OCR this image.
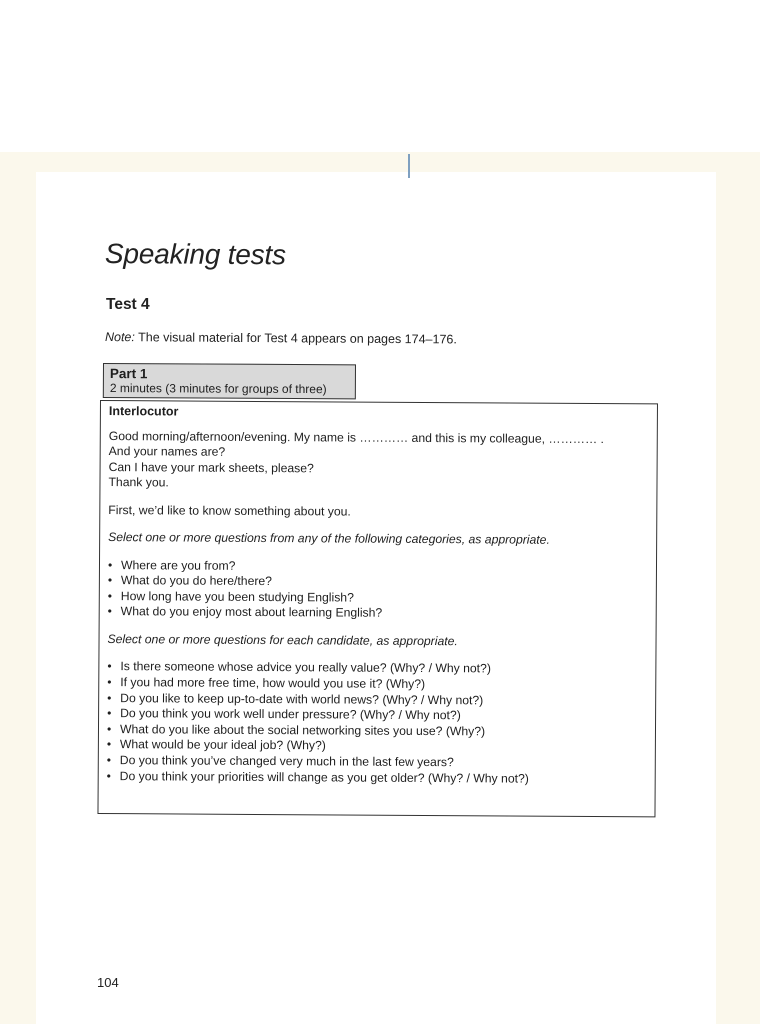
Speaking tests
Test 4

Note: The visual material for Test 4 appears on pages 174–176.

Part 1
2 minutes (3 minutes for groups of three)

Interlocutor

Good morning/afternoon/evening. My name is ………… and this is my colleague, ………… .
And your names are?
Can I have your mark sheets, please?
Thank you.

First, we’d like to know something about you.

Select one or more questions from any of the following categories, as appropriate.

• Where are you from?
• What do you do here/there?
• How long have you been studying English?
• What do you enjoy most about learning English?

Select one or more questions for each candidate, as appropriate.

• Is there someone whose advice you really value? (Why? / Why not?)
• If you had more free time, how would you use it? (Why?)
• Do you like to keep up-to-date with world news? (Why? / Why not?)
• Do you think you work well under pressure? (Why? / Why not?)
• What do you like about the social networking sites you use? (Why?)
• What would be your ideal job? (Why?)
• Do you think you’ve changed very much in the last few years?
• Do you think your priorities will change as you get older? (Why? / Why not?)

104
